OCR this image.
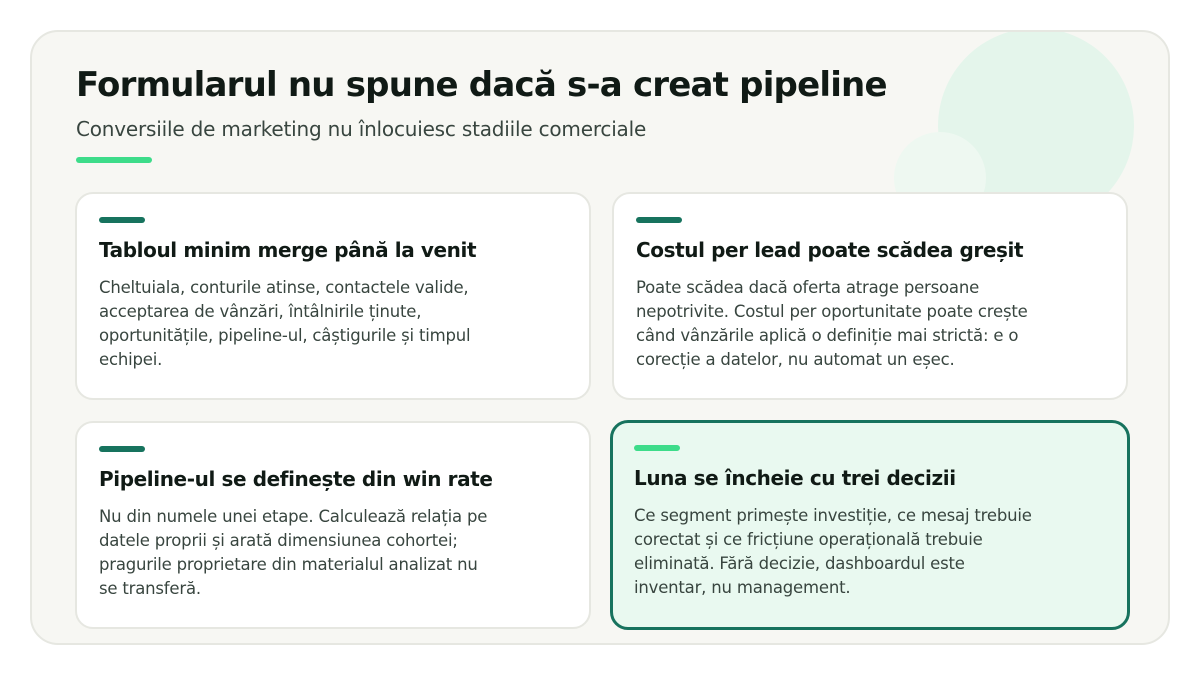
Formularul nu spune dacă s-a creat pipeline
Conversiile de marketing nu înlocuiesc stadiile comerciale
Tabloul minim merge până la venit
Cheltuiala, conturile atinse, contactele valide,
acceptarea de vânzări, întâlnirile ținute,
oportunitățile, pipeline-ul, câștigurile și timpul
echipei.
Costul per lead poate scădea greșit
Poate scădea dacă oferta atrage persoane
nepotrivite. Costul per oportunitate poate crește
când vânzările aplică o definiție mai strictă: e o
corecție a datelor, nu automat un eșec.
Pipeline-ul se definește din win rate
Nu din numele unei etape. Calculează relația pe
datele proprii și arată dimensiunea cohortei;
pragurile proprietare din materialul analizat nu
se transferă.
Luna se încheie cu trei decizii
Ce segment primește investiție, ce mesaj trebuie
corectat și ce fricțiune operațională trebuie
eliminată. Fără decizie, dashboardul este
inventar, nu management.
